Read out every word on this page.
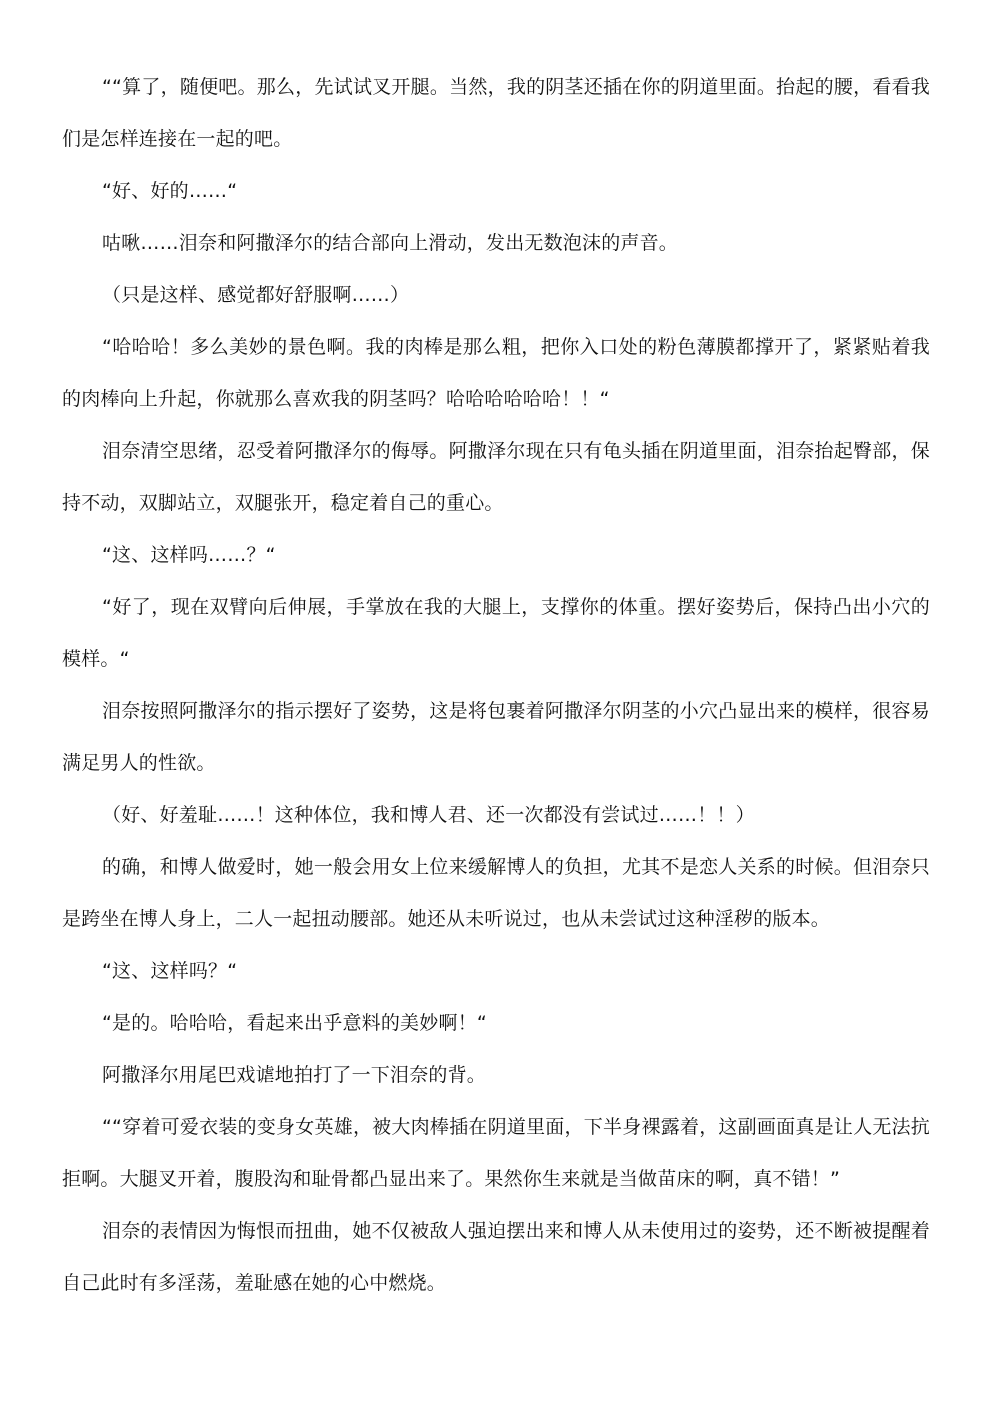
““算了，随便吧。那么，先试试叉开腿。当然，我的阴茎还插在你的阴道里面。抬起的腰，看看我们是怎样连接在一起的吧。

“好、好的……“

咕啾……泪奈和阿撒泽尔的结合部向上滑动，发出无数泡沫的声音。

（只是这样、感觉都好舒服啊……）

“哈哈哈！多么美妙的景色啊。我的肉棒是那么粗，把你入口处的粉色薄膜都撑开了，紧紧贴着我的肉棒向上升起，你就那么喜欢我的阴茎吗？哈哈哈哈哈哈！！“

泪奈清空思绪，忍受着阿撒泽尔的侮辱。阿撒泽尔现在只有龟头插在阴道里面，泪奈抬起臀部，保持不动，双脚站立，双腿张开，稳定着自己的重心。

“这、这样吗……？“

“好了，现在双臂向后伸展，手掌放在我的大腿上，支撑你的体重。摆好姿势后，保持凸出小穴的模样。“

泪奈按照阿撒泽尔的指示摆好了姿势，这是将包裹着阿撒泽尔阴茎的小穴凸显出来的模样，很容易满足男人的性欲。

（好、好羞耻……！这种体位，我和博人君、还一次都没有尝试过……！！）

的确，和博人做爱时，她一般会用女上位来缓解博人的负担，尤其不是恋人关系的时候。但泪奈只是跨坐在博人身上，二人一起扭动腰部。她还从未听说过，也从未尝试过这种淫秽的版本。

“这、这样吗？“

“是的。哈哈哈，看起来出乎意料的美妙啊！“

阿撒泽尔用尾巴戏谑地拍打了一下泪奈的背。

““穿着可爱衣装的变身女英雄，被大肉棒插在阴道里面，下半身裸露着，这副画面真是让人无法抗拒啊。大腿叉开着，腹股沟和耻骨都凸显出来了。果然你生来就是当做苗床的啊，真不错！”

泪奈的表情因为悔恨而扭曲，她不仅被敌人强迫摆出来和博人从未使用过的姿势，还不断被提醒着自己此时有多淫荡，羞耻感在她的心中燃烧。
